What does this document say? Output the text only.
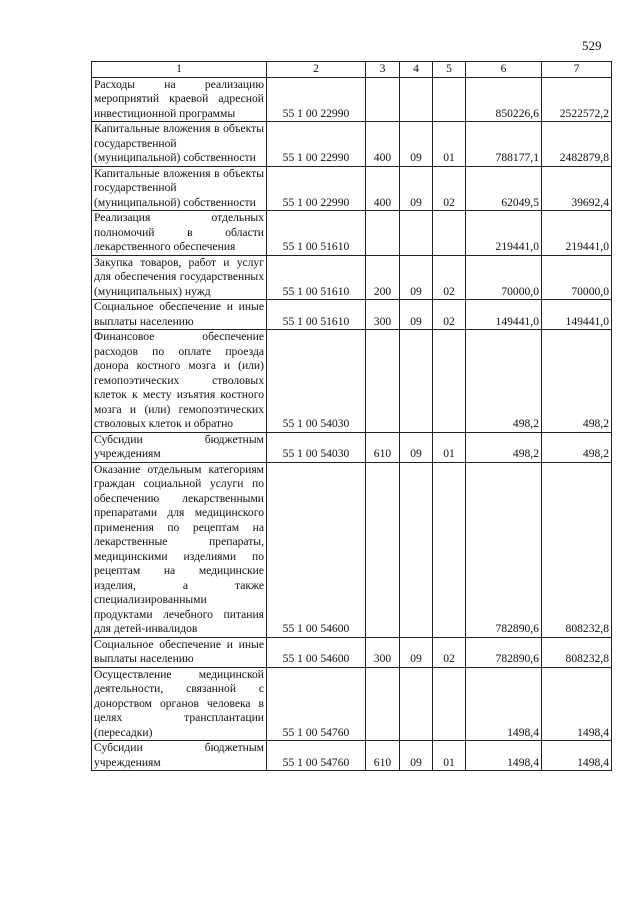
529
1	2	3	4	5	6	7
Расходы на реализацию мероприятий краевой адресной инвестиционной программы	55 1 00 22990				850226,6	2522572,2
Капитальные вложения в объекты государственной (муниципальной) собственности	55 1 00 22990	400	09	01	788177,1	2482879,8
Капитальные вложения в объекты государственной (муниципальной) собственности	55 1 00 22990	400	09	02	62049,5	39692,4
Реализация отдельных полномочий в области лекарственного обеспечения	55 1 00 51610				219441,0	219441,0
Закупка товаров, работ и услуг для обеспечения государственных (муниципальных) нужд	55 1 00 51610	200	09	02	70000,0	70000,0
Социальное обеспечение и иные выплаты населению	55 1 00 51610	300	09	02	149441,0	149441,0
Финансовое обеспечение расходов по оплате проезда донора костного мозга и (или) гемопоэтических стволовых клеток к месту изъятия костного мозга и (или) гемопоэтических стволовых клеток и обратно	55 1 00 54030				498,2	498,2
Субсидии бюджетным учреждениям	55 1 00 54030	610	09	01	498,2	498,2
Оказание отдельным категориям граждан социальной услуги по обеспечению лекарственными препаратами для медицинского применения по рецептам на лекарственные препараты, медицинскими изделиями по рецептам на медицинские изделия, а также специализированными продуктами лечебного питания для детей-инвалидов	55 1 00 54600				782890,6	808232,8
Социальное обеспечение и иные выплаты населению	55 1 00 54600	300	09	02	782890,6	808232,8
Осуществление медицинской деятельности, связанной с донорством органов человека в целях трансплантации (пересадки)	55 1 00 54760				1498,4	1498,4
Субсидии бюджетным учреждениям	55 1 00 54760	610	09	01	1498,4	1498,4
